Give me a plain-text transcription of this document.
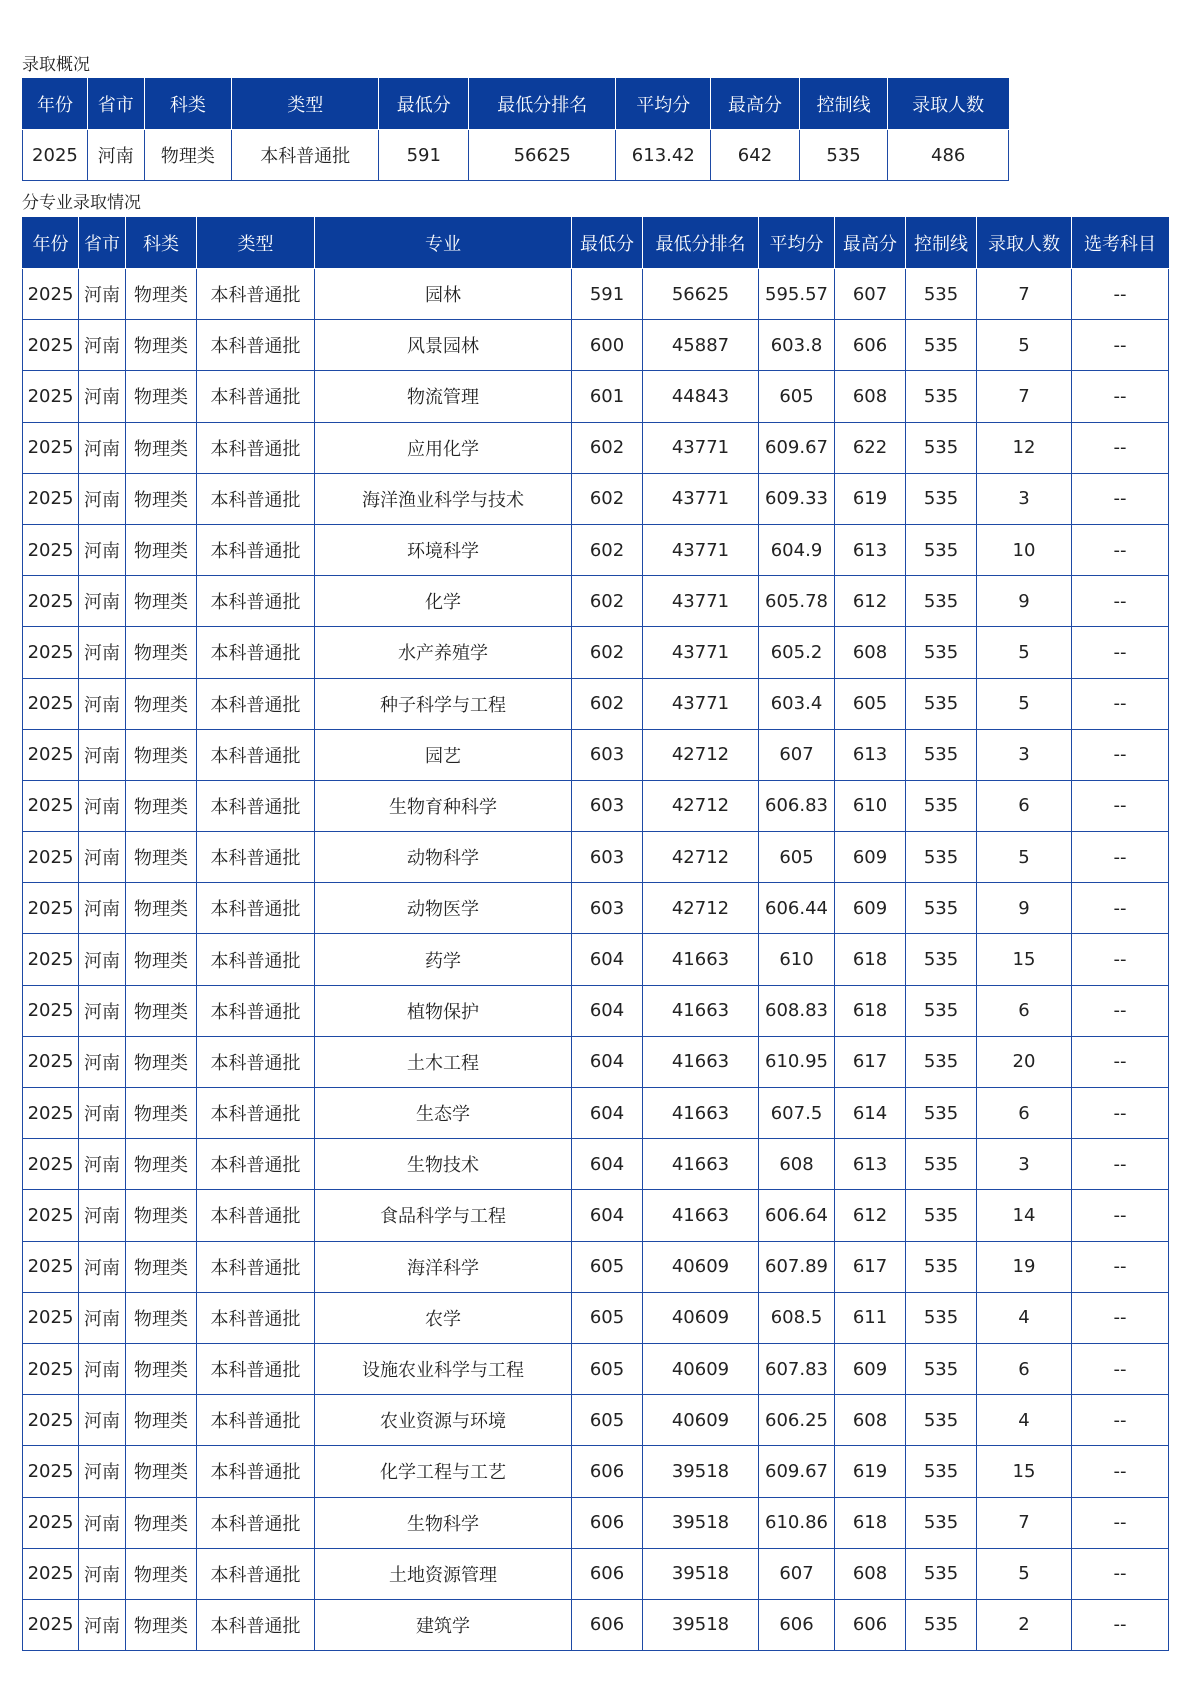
录取概况
年份	省市	科类	类型	最低分	最低分排名	平均分	最高分	控制线	录取人数
2025	河南	物理类	本科普通批	591	56625	613.42	642	535	486
分专业录取情况
年份	省市	科类	类型	专业	最低分	最低分排名	平均分	最高分	控制线	录取人数	选考科目
2025	河南	物理类	本科普通批	园林	591	56625	595.57	607	535	7	--
2025	河南	物理类	本科普通批	风景园林	600	45887	603.8	606	535	5	--
2025	河南	物理类	本科普通批	物流管理	601	44843	605	608	535	7	--
2025	河南	物理类	本科普通批	应用化学	602	43771	609.67	622	535	12	--
2025	河南	物理类	本科普通批	海洋渔业科学与技术	602	43771	609.33	619	535	3	--
2025	河南	物理类	本科普通批	环境科学	602	43771	604.9	613	535	10	--
2025	河南	物理类	本科普通批	化学	602	43771	605.78	612	535	9	--
2025	河南	物理类	本科普通批	水产养殖学	602	43771	605.2	608	535	5	--
2025	河南	物理类	本科普通批	种子科学与工程	602	43771	603.4	605	535	5	--
2025	河南	物理类	本科普通批	园艺	603	42712	607	613	535	3	--
2025	河南	物理类	本科普通批	生物育种科学	603	42712	606.83	610	535	6	--
2025	河南	物理类	本科普通批	动物科学	603	42712	605	609	535	5	--
2025	河南	物理类	本科普通批	动物医学	603	42712	606.44	609	535	9	--
2025	河南	物理类	本科普通批	药学	604	41663	610	618	535	15	--
2025	河南	物理类	本科普通批	植物保护	604	41663	608.83	618	535	6	--
2025	河南	物理类	本科普通批	土木工程	604	41663	610.95	617	535	20	--
2025	河南	物理类	本科普通批	生态学	604	41663	607.5	614	535	6	--
2025	河南	物理类	本科普通批	生物技术	604	41663	608	613	535	3	--
2025	河南	物理类	本科普通批	食品科学与工程	604	41663	606.64	612	535	14	--
2025	河南	物理类	本科普通批	海洋科学	605	40609	607.89	617	535	19	--
2025	河南	物理类	本科普通批	农学	605	40609	608.5	611	535	4	--
2025	河南	物理类	本科普通批	设施农业科学与工程	605	40609	607.83	609	535	6	--
2025	河南	物理类	本科普通批	农业资源与环境	605	40609	606.25	608	535	4	--
2025	河南	物理类	本科普通批	化学工程与工艺	606	39518	609.67	619	535	15	--
2025	河南	物理类	本科普通批	生物科学	606	39518	610.86	618	535	7	--
2025	河南	物理类	本科普通批	土地资源管理	606	39518	607	608	535	5	--
2025	河南	物理类	本科普通批	建筑学	606	39518	606	606	535	2	--
